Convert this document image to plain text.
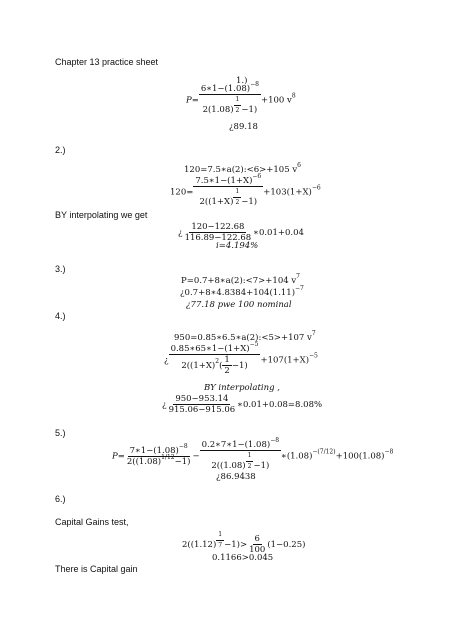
Chapter 13 practice sheet
1.)
$P= 6∗1-(1.08)^{-8}$
2(1.08) $^{\frac{1}{2}}$ −1) +100 $v^8$
¿89.18
2.)
120=7.5∗a(2):<6>+105 $v^6$
$120= 7.5∗1-(1+X)^{-6}$
2((1+X) $^{\frac{1}{2}} -1) +103(1+X)^{-6}$
BY interpolating we get
¿ $\frac{120-122.68}{116.89-122.68}$ ∗0.01+0.04
i=4.194%
3.)
P=0.7+8∗a(2):<7>+104 $v^7$
¿$0.7+8∗4.8384+104(1.11)^{-7}$
¿77.18 pwe 100 nominal
4.)
950=0.85∗6.5∗a(2):<5>+107 $v^7$
¿ $\frac{0.85∗65∗1-(1+X)^{-5}}{2((1+X)^2( \frac{1}{2} -1)} +107(1+X)^{-5}$
BY interpolating ,
¿ $\frac{950-953.14}{915.06-915.06}$ ∗0.01+0.08=8.08%
5.)
$P= \frac{7∗1-(1.08)^{-8}}{2((1.08)^{1/12}-1)}$ − $0.2∗7∗1-(1.08)^{-8}$
2((1.08) $^{\frac{1}{2}}$ −1) $∗(1.08)^{-(7/12)}+100(1.08)^{-8}$
¿86.9438
6.)
Capital Gains test,
2((1.12) $^{\frac{1}{7}} -1)> \frac{6}{100} (1-0.25)$
0.1166>0.045
There is Capital gain
